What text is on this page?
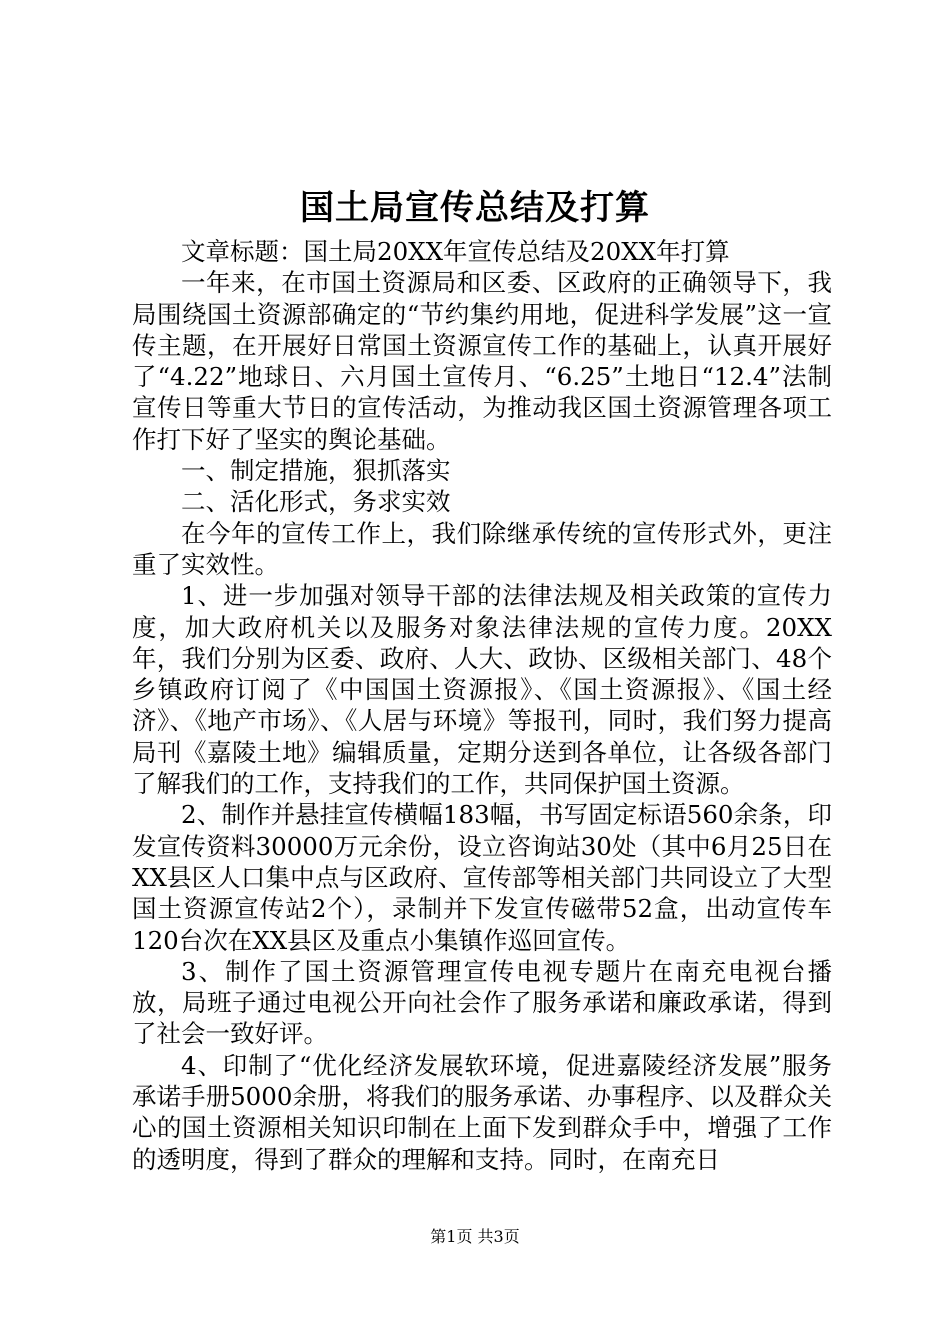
国土局宣传总结及打算

文章标题：国土局20XX年宣传总结及20XX年打算

一年来，在市国土资源局和区委、区政府的正确领导下，我局围绕国土资源部确定的“节约集约用地，促进科学发展”这一宣传主题，在开展好日常国土资源宣传工作的基础上，认真开展好了“4.22”地球日、六月国土宣传月、“6.25”土地日“12.4”法制宣传日等重大节日的宣传活动，为推动我区国土资源管理各项工作打下好了坚实的舆论基础。

一、制定措施，狠抓落实

二、活化形式，务求实效

在今年的宣传工作上，我们除继承传统的宣传形式外，更注重了实效性。

1、进一步加强对领导干部的法律法规及相关政策的宣传力度，加大政府机关以及服务对象法律法规的宣传力度。20XX年，我们分别为区委、政府、人大、政协、区级相关部门、48个乡镇政府订阅了《中国国土资源报》、《国土资源报》、《国土经济》、《地产市场》、《人居与环境》等报刊，同时，我们努力提高局刊《嘉陵土地》编辑质量，定期分送到各单位，让各级各部门了解我们的工作，支持我们的工作，共同保护国土资源。

2、制作并悬挂宣传横幅183幅，书写固定标语560余条，印发宣传资料30000万元余份，设立咨询站30处（其中6月25日在XX县区人口集中点与区政府、宣传部等相关部门共同设立了大型国土资源宣传站2个），录制并下发宣传磁带52盒，出动宣传车120台次在XX县区及重点小集镇作巡回宣传。

3、制作了国土资源管理宣传电视专题片在南充电视台播放，局班子通过电视公开向社会作了服务承诺和廉政承诺，得到了社会一致好评。

4、印制了“优化经济发展软环境，促进嘉陵经济发展”服务承诺手册5000余册，将我们的服务承诺、办事程序、以及群众关心的国土资源相关知识印制在上面下发到群众手中，增强了工作的透明度，得到了群众的理解和支持。同时，在南充日

第1页 共3页
